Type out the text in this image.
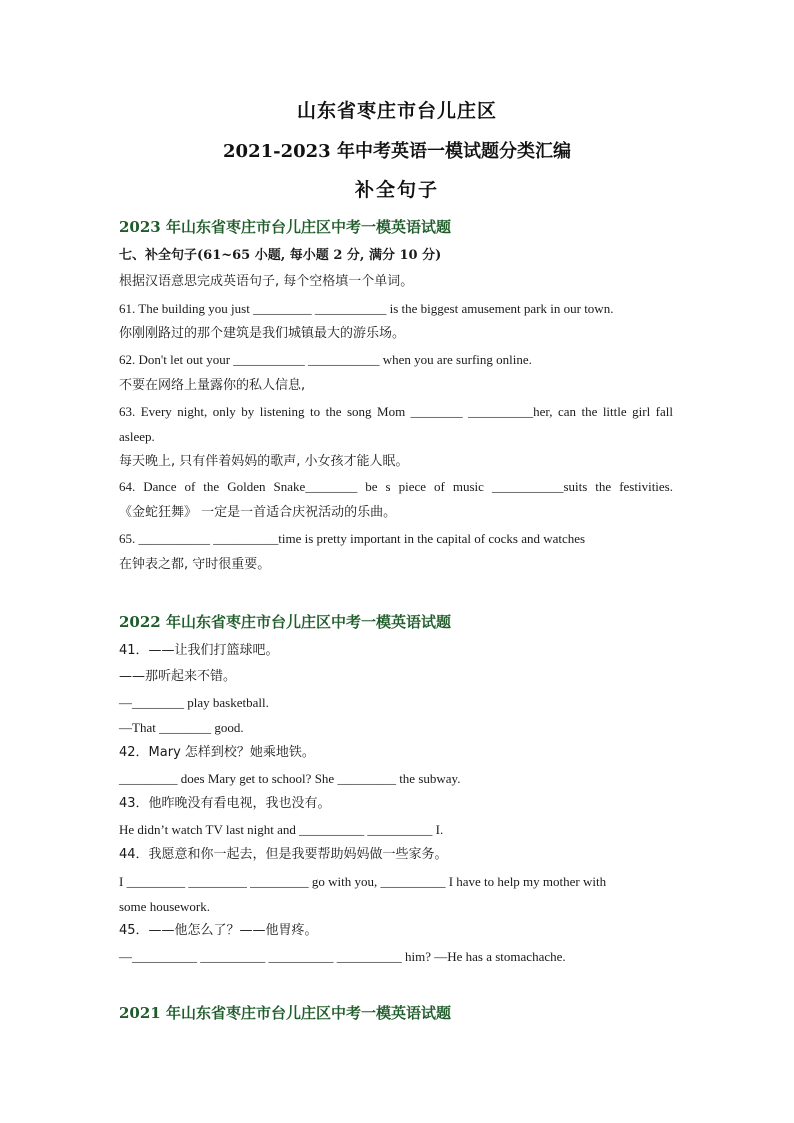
山东省枣庄市台儿庄区
2021-2023 年中考英语一模试题分类汇编
补全句子
2023 年山东省枣庄市台儿庄区中考一模英语试题
七、补全句子(61~65 小题, 每小题 2 分, 满分 10 分)
根据汉语意思完成英语句子, 每个空格填一个单词。
61. The building you just _________ ___________ is the biggest amusement park in our town.
你刚刚路过的那个建筑是我们城镇最大的游乐场。
62. Don't let out your ___________ ___________ when you are surfing online.
不要在网络上量露你的私人信息,
63. Every night, only by listening to the song Mom ________ __________her, can the little girl fall
asleep.
每天晚上, 只有伴着妈妈的歌声, 小女孩才能人眠。
64. Dance of the Golden Snake________ be s piece of music ___________suits the festivities.
《金蛇狂舞》 一定是一首适合庆祝活动的乐曲。
65. ___________ __________time is pretty important in the capital of cocks and watches
在钟表之都, 守时很重要。
2022 年山东省枣庄市台儿庄区中考一模英语试题
41．——让我们打篮球吧。
——那听起来不错。
—________ play basketball.
—That ________ good.
42．Mary 怎样到校？她乘地铁。
_________ does Mary get to school? She _________ the subway.
43．他昨晚没有看电视，我也没有。
He didn’t watch TV last night and __________ __________ I.
44．我愿意和你一起去，但是我要帮助妈妈做一些家务。
I _________ _________ _________ go with you, __________ I have to help my mother with
some housework.
45．——他怎么了？——他胃疼。
—__________ __________ __________ __________ him? —He has a stomachache.
2021 年山东省枣庄市台儿庄区中考一模英语试题
